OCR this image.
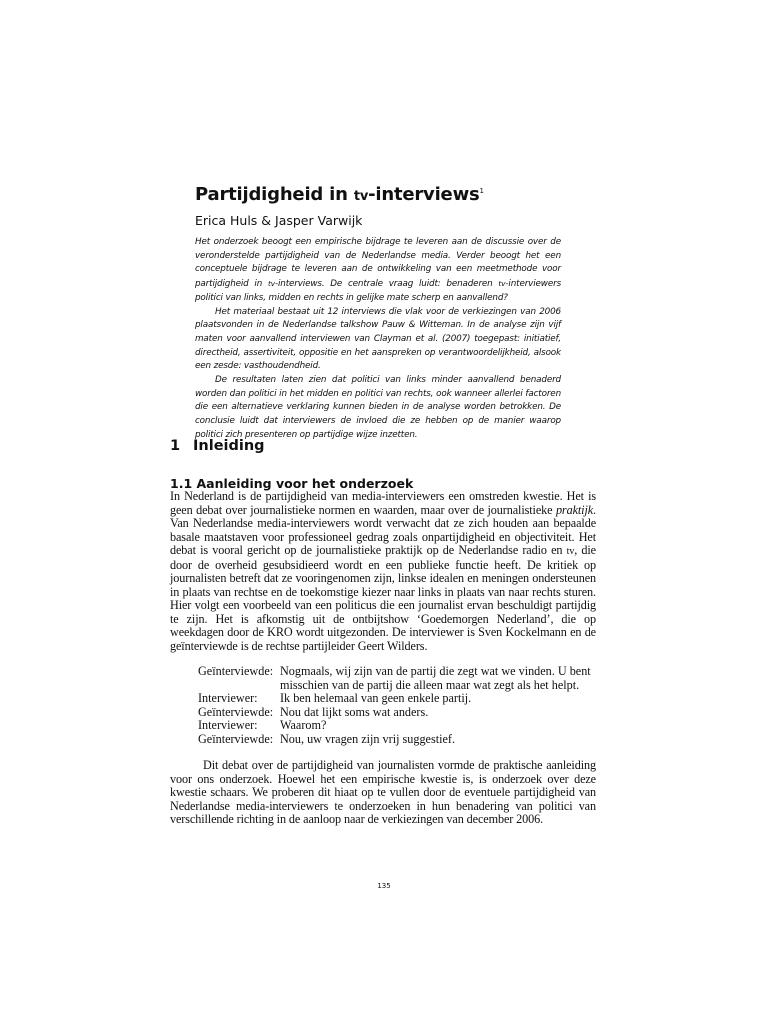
Partijdigheid in tv-interviews$^1$
Erica Huls & Jasper Varwijk

Het onderzoek beoogt een empirische bijdrage te leveren aan de discussie over de veronderstelde partijdigheid van de Nederlandse media. Verder beoogt het een conceptuele bijdrage te leveren aan de ontwikkeling van een meetmethode voor partijdigheid in tv-interviews. De centrale vraag luidt: benaderen tv-interviewers politici van links, midden en rechts in gelijke mate scherp en aanvallend?

Het materiaal bestaat uit 12 interviews die vlak voor de verkiezingen van 2006 plaatsvonden in de Nederlandse talkshow Pauw & Witteman. In de analyse zijn vijf maten voor aanvallend interviewen van Clayman et al. (2007) toegepast: initiatief, directheid, assertiviteit, oppositie en het aanspreken op verantwoordelijkheid, alsook een zesde: vasthoudendheid.

De resultaten laten zien dat politici van links minder aanvallend benaderd worden dan politici in het midden en politici van rechts, ook wanneer allerlei factoren die een alternatieve verklaring kunnen bieden in de analyse worden betrokken. De conclusie luidt dat interviewers de invloed die ze hebben op de manier waarop politici zich presenteren op partijdige wijze inzetten.

1 Inleiding
1.1 Aanleiding voor het onderzoek

In Nederland is de partijdigheid van media-interviewers een omstreden kwestie. Het is geen debat over journalistieke normen en waarden, maar over de journalistieke praktijk. Van Nederlandse media-interviewers wordt verwacht dat ze zich houden aan bepaalde basale maatstaven voor professioneel gedrag zoals onpartijdigheid en objectiviteit. Het debat is vooral gericht op de journalistieke praktijk op de Nederlandse radio en tv, die door de overheid gesubsidieerd wordt en een publieke functie heeft. De kritiek op journalisten betreft dat ze vooringenomen zijn, linkse idealen en meningen ondersteunen in plaats van rechtse en de toekomstige kiezer naar links in plaats van naar rechts sturen. Hier volgt een voorbeeld van een politicus die een journalist ervan beschuldigt partijdig te zijn. Het is afkomstig uit de ontbijtshow ‘Goedemorgen Nederland’, die op weekdagen door de KRO wordt uitgezonden. De interviewer is Sven Kockelmann en de geïnterviewde is de rechtse partijleider Geert Wilders.

Geïnterviewde: Nogmaals, wij zijn van de partij die zegt wat we vinden. U bent misschien van de partij die alleen maar wat zegt als het helpt.
Interviewer:	Ik ben helemaal van geen enkele partij.
Geïnterviewde: Nou dat lijkt soms wat anders.
Interviewer:	Waarom?
Geïnterviewde: Nou, uw vragen zijn vrij suggestief.

Dit debat over de partijdigheid van journalisten vormde de praktische aanleiding voor ons onderzoek. Hoewel het een empirische kwestie is, is onderzoek over deze kwestie schaars. We proberen dit hiaat op te vullen door de eventuele partijdigheid van Nederlandse media-interviewers te onderzoeken in hun benadering van politici van verschillende richting in de aanloop naar de verkiezingen van december 2006.

135
